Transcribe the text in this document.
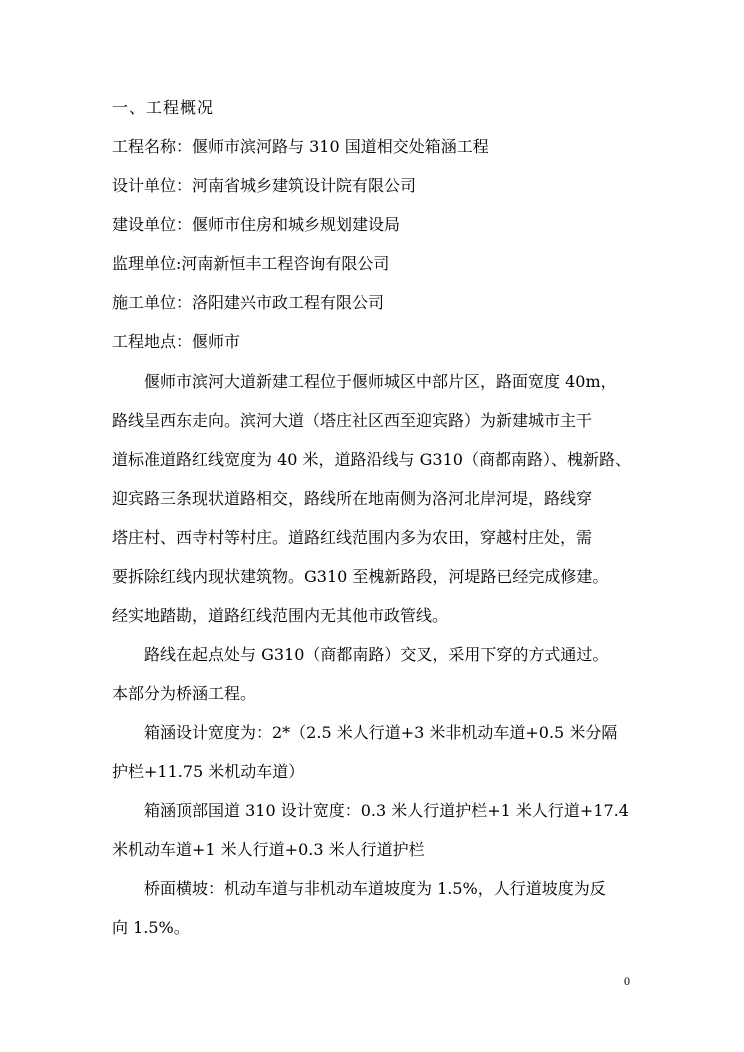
一、工程概况
工程名称：偃师市滨河路与 310 国道相交处箱涵工程
设计单位：河南省城乡建筑设计院有限公司
建设单位：偃师市住房和城乡规划建设局
监理单位:河南新恒丰工程咨询有限公司
施工单位：洛阳建兴市政工程有限公司
工程地点：偃师市
偃师市滨河大道新建工程位于偃师城区中部片区，路面宽度 40m，
路线呈西东走向。滨河大道（塔庄社区西至迎宾路）为新建城市主干
道标准道路红线宽度为 40 米，道路沿线与 G310（商都南路）、槐新路、
迎宾路三条现状道路相交，路线所在地南侧为洛河北岸河堤，路线穿
塔庄村、西寺村等村庄。道路红线范围内多为农田，穿越村庄处，需
要拆除红线内现状建筑物。G310 至槐新路段，河堤路已经完成修建。
经实地踏勘，道路红线范围内无其他市政管线。
路线在起点处与 G310（商都南路）交叉，采用下穿的方式通过。
本部分为桥涵工程。
箱涵设计宽度为：2*（2.5 米人行道+3 米非机动车道+0.5 米分隔
护栏+11.75 米机动车道）
箱涵顶部国道 310 设计宽度：0.3 米人行道护栏+1 米人行道+17.4
米机动车道+1 米人行道+0.3 米人行道护栏
桥面横坡：机动车道与非机动车道坡度为 1.5%，人行道坡度为反
向 1.5%。
0
